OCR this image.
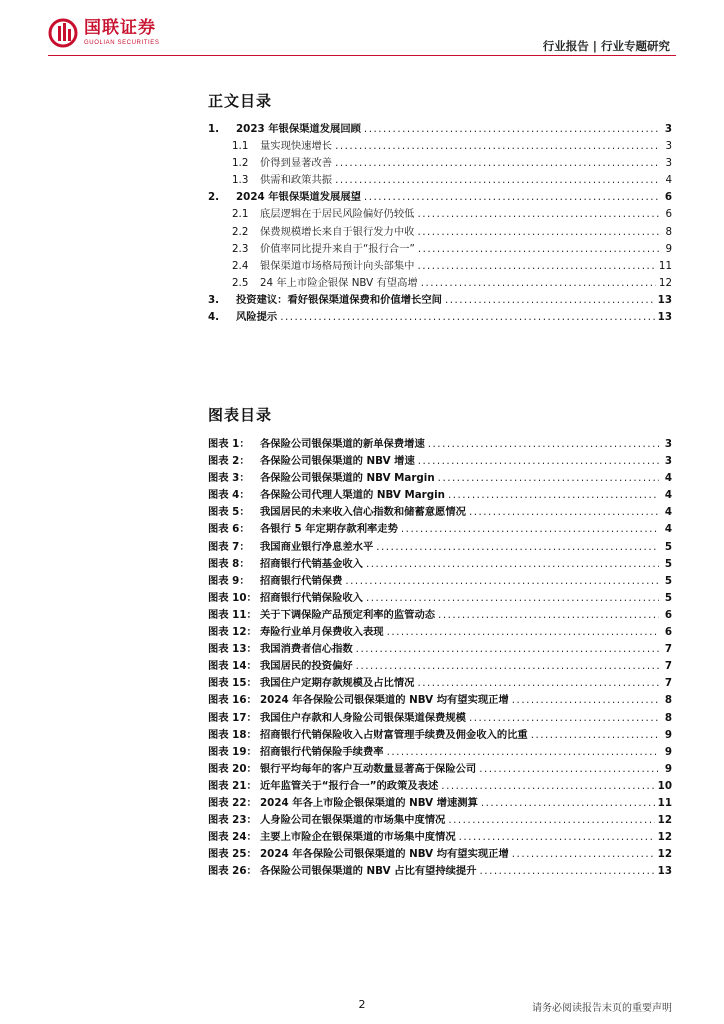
国联证券
GUOLIAN SECURITIES	行业报告 | 行业专题研究
正文目录
1.	2023 年银保渠道发展回顾 .....	3
1.1	量实现快速增长 .....	3
1.2	价得到显著改善 .....	3
1.3	供需和政策共振 .....	4
2.	2024 年银保渠道发展展望 .....	6
2.1	底层逻辑在于居民风险偏好仍较低 .....	6
2.2	保费规模增长来自于银行发力中收 .....	8
2.3	价值率同比提升来自于“报行合一” .....	9
2.4	银保渠道市场格局预计向头部集中 .....	11
2.5	24 年上市险企银保 NBV 有望高增 .....	12
3.	投资建议：看好银保渠道保费和价值增长空间 .....	13
4.	风险提示 .....	13
图表目录
图表 1：	各保险公司银保渠道的新单保费增速 .....	3
图表 2：	各保险公司银保渠道的 NBV 增速 .....	3
图表 3：	各保险公司银保渠道的 NBV Margin .....	4
图表 4：	各保险公司代理人渠道的 NBV Margin .....	4
图表 5：	我国居民的未来收入信心指数和储蓄意愿情况 .....	4
图表 6：	各银行 5 年定期存款利率走势 .....	4
图表 7：	我国商业银行净息差水平 .....	5
图表 8：	招商银行代销基金收入 .....	5
图表 9：	招商银行代销保费 .....	5
图表 10： 招商银行代销保险收入 .....	5
图表 11： 关于下调保险产品预定利率的监管动态 .....	6
图表 12： 寿险行业单月保费收入表现 .....	6
图表 13： 我国消费者信心指数 .....	7
图表 14： 我国居民的投资偏好 .....	7
图表 15： 我国住户定期存款规模及占比情况 .....	7
图表 16： 2024 年各保险公司银保渠道的 NBV 均有望实现正增 .....	8
图表 17： 我国住户存款和人身险公司银保渠道保费规模 .....	8
图表 18： 招商银行代销保险收入占财富管理手续费及佣金收入的比重 .....	9
图表 19： 招商银行代销保险手续费率 .....	9
图表 20： 银行平均每年的客户互动数量显著高于保险公司 .....	9
图表 21： 近年监管关于“报行合一”的政策及表述 .....	10
图表 22： 2024 年各上市险企银保渠道的 NBV 增速测算 .....	11
图表 23： 人身险公司在银保渠道的市场集中度情况 .....	12
图表 24： 主要上市险企在银保渠道的市场集中度情况 .....	12
图表 25： 2024 年各保险公司银保渠道的 NBV 均有望实现正增 .....	12
图表 26： 各保险公司银保渠道的 NBV 占比有望持续提升 .....	13
2	请务必阅读报告末页的重要声明
